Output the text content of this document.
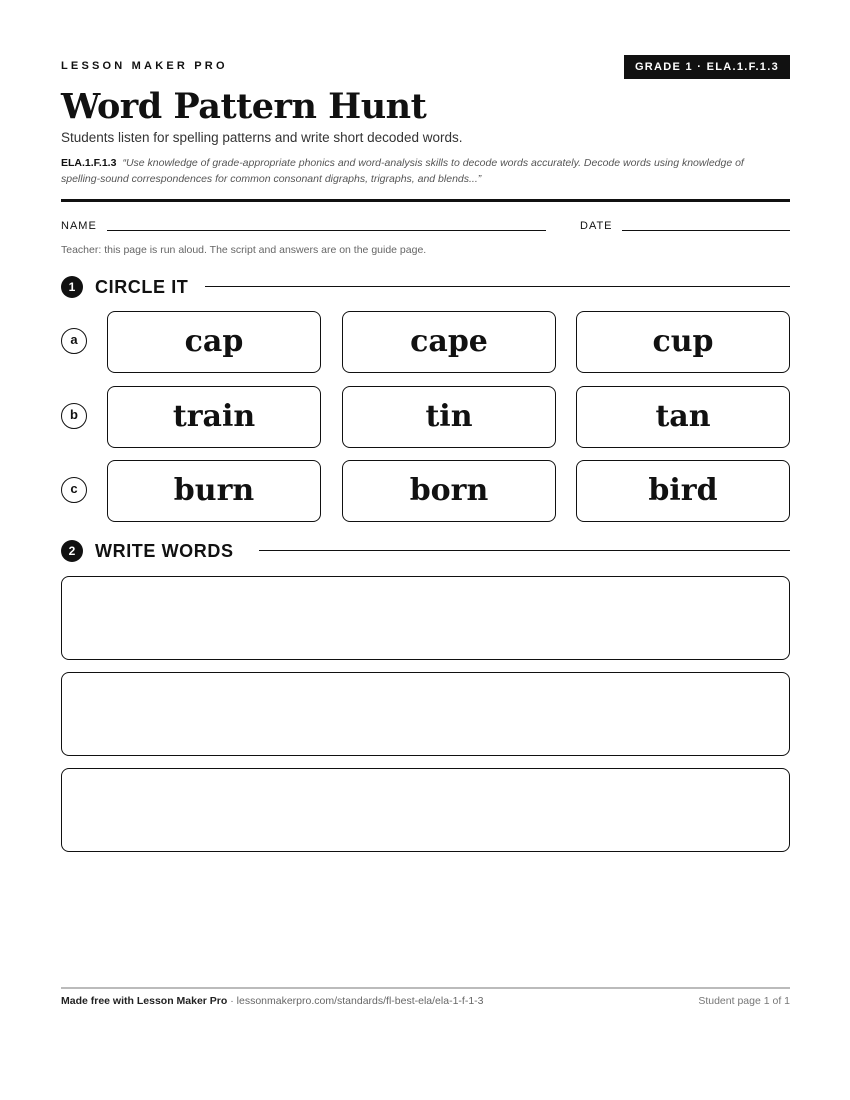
LESSON MAKER PRO	GRADE 1 · ELA.1.F.1.3
Word Pattern Hunt
Students listen for spelling patterns and write short decoded words.
ELA.1.F.1.3 “Use knowledge of grade-appropriate phonics and word-analysis skills to decode words accurately. Decode words using knowledge of spelling-sound correspondences for common consonant digraphs, trigraphs, and blends...”
NAME	DATE
Teacher: this page is run aloud. The script and answers are on the guide page.
1	CIRCLE IT
a	cap	cape	cup
b	train	tin	tan
c	burn	born	bird
2	WRITE WORDS
Made free with Lesson Maker Pro · lessonmakerpro.com/standards/fl-best-ela/ela-1-f-1-3	Student page 1 of 1
